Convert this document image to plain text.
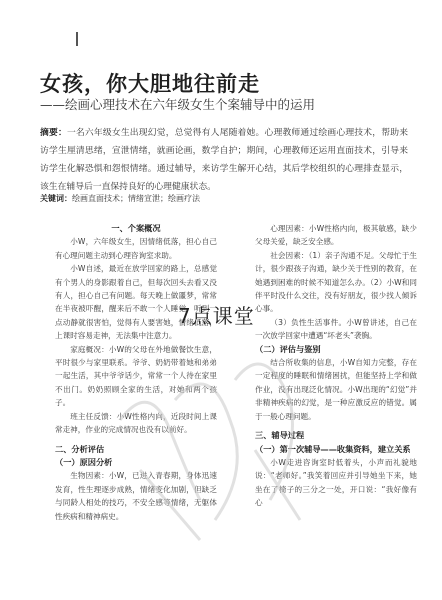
女孩，你大胆地往前走
——绘画心理技术在六年级女生个案辅导中的运用
摘要：一名六年级女生出现幻觉，总觉得有人尾随着她。心理教师通过绘画心理技术，帮助来访学生厘清思绪，宣泄情绪，就画论画，数学自护；期间，心理教师还运用直面技术，引导来访学生化解恐惧和怨恨情绪。通过辅导，来访学生解开心结，其后学校组织的心理排查显示，该生在辅导后一直保持良好的心理健康状态。
关键词：绘画直面技术；情绪宣泄；绘画疗法
一、个案概况

小W，六年级女生，因情绪低落，担心自己有心理问题主动到心理咨询室求助。

小W自述，最近在放学回家的路上，总感觉有个男人的身影跟着自己，但每次回头去看又没有人，担心自己有问题。每天晚上做噩梦，常常在半夜被吓醒，醒来后不敢一个人睡觉，听到一点动静就很害怕，觉得有人要害她，情绪低落，上课时容易走神，无法集中注意力。

家庭概况：小W的父母在外地做餐饮生意，平时很少与家里联系。爷爷、奶奶带着她和弟弟一起生活，其中爷爷话少，常常一个人待在家里不出门。奶奶照顾全家的生活，对她和两个孩子。

班主任反馈：小W性格内向，近段时间上课常走神，作业的完成情况也没有以前好。

二、分析评估
（一）原因分析

生物因素：小W，已进入青春期，身体迅速发育，性生理逐步成熟，情绪变化加剧，但缺乏与同龄人相处的技巧，不安全感等情绪，无躯体性疾病和精神病史。

心理因素：小W性格内向，极其敏感，缺少父母关爱，缺乏安全感。

社会因素：（1）亲子沟通不足。父母忙于生计，很少跟孩子沟通，缺少关于性别的教育，在她遇到困难的时候不知道怎么办。（2）小W和同伴平时没什么交往，没有好朋友，很少找人倾诉心事。

（3）负性生活事件。小W曾讲述，自己在一次放学回家中遭遇“坏老头”袭胸。

（二）评估与鉴别

结合所收集的信息，小W自知力完整，存在一定程度的睡眠和情绪困扰，但能坚持上学和做作业，没有出现泛化情况。小W出现的“幻觉”并非精神疾病的幻觉，是一种应激反应的错觉。属于一般心理问题。

三、辅导过程
（一）第一次辅导——收集资料，建立关系

小W走进咨询室时低着头，小声而礼貌地说：“老师好。”我笑着回应并引导她坐下来，她坐在了椅子的三分之一处，开口说：“我好像有心

7点课堂
